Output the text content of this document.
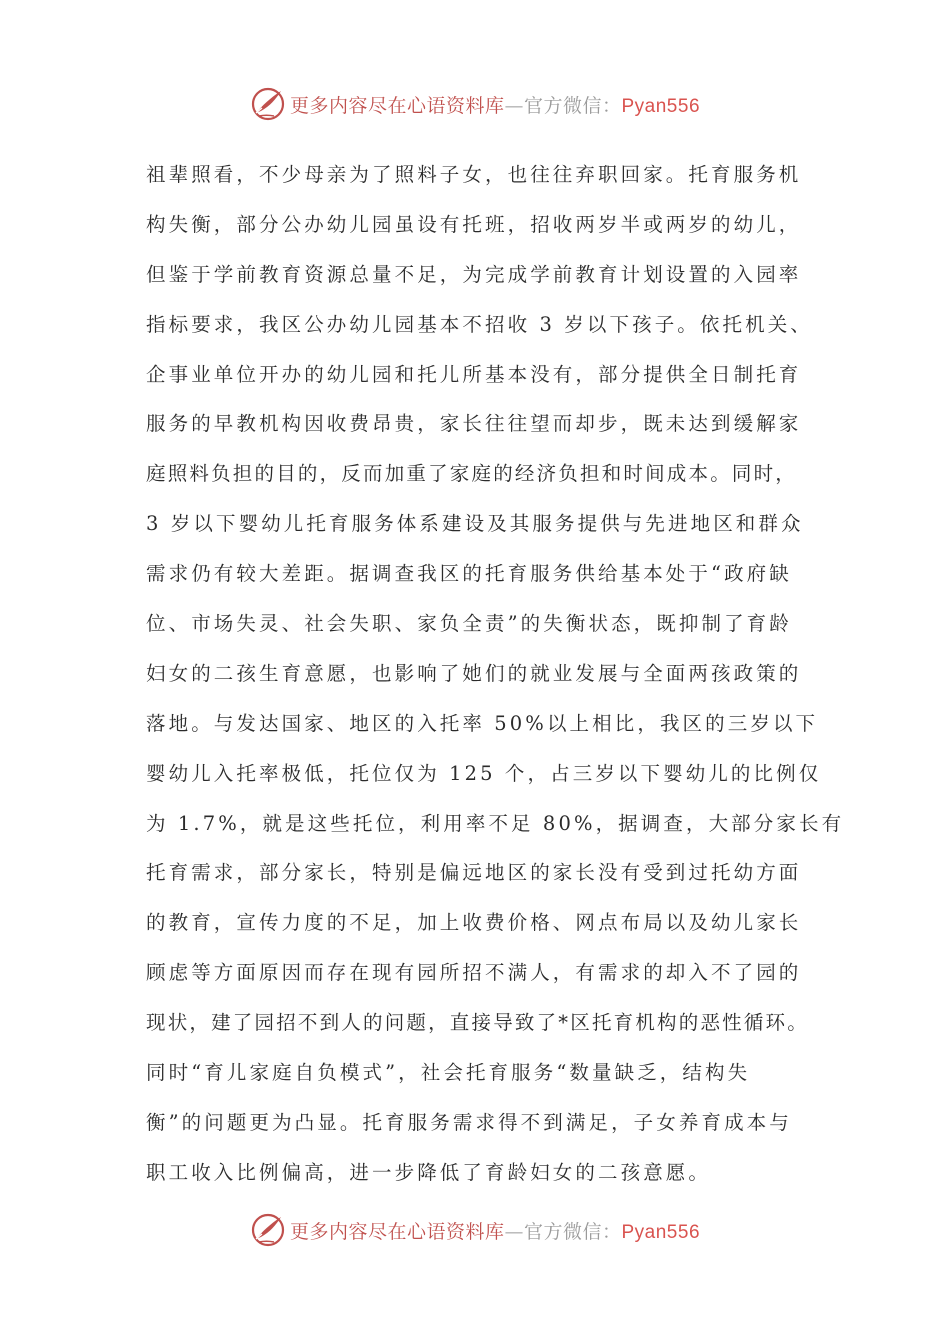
更多内容尽在心语资料库—官方微信：Pyan556
祖辈照看，不少母亲为了照料子女，也往往弃职回家。托育服务机
构失衡，部分公办幼儿园虽设有托班，招收两岁半或两岁的幼儿，
但鉴于学前教育资源总量不足，为完成学前教育计划设置的入园率
指标要求，我区公办幼儿园基本不招收 3 岁以下孩子。依托机关、
企事业单位开办的幼儿园和托儿所基本没有，部分提供全日制托育
服务的早教机构因收费昂贵，家长往往望而却步，既未达到缓解家
庭照料负担的目的，反而加重了家庭的经济负担和时间成本。同时，
3 岁以下婴幼儿托育服务体系建设及其服务提供与先进地区和群众
需求仍有较大差距。据调查我区的托育服务供给基本处于“政府缺
位、市场失灵、社会失职、家负全责”的失衡状态，既抑制了育龄
妇女的二孩生育意愿，也影响了她们的就业发展与全面两孩政策的
落地。与发达国家、地区的入托率 50%以上相比，我区的三岁以下
婴幼儿入托率极低，托位仅为 125 个，占三岁以下婴幼儿的比例仅
为 1.7%，就是这些托位，利用率不足 80%，据调查，大部分家长有
托育需求，部分家长，特别是偏远地区的家长没有受到过托幼方面
的教育，宣传力度的不足，加上收费价格、网点布局以及幼儿家长
顾虑等方面原因而存在现有园所招不满人，有需求的却入不了园的
现状，建了园招不到人的问题，直接导致了*区托育机构的恶性循环。
同时“育儿家庭自负模式”，社会托育服务“数量缺乏，结构失
衡”的问题更为凸显。托育服务需求得不到满足，子女养育成本与
职工收入比例偏高，进一步降低了育龄妇女的二孩意愿。
更多内容尽在心语资料库—官方微信：Pyan556
